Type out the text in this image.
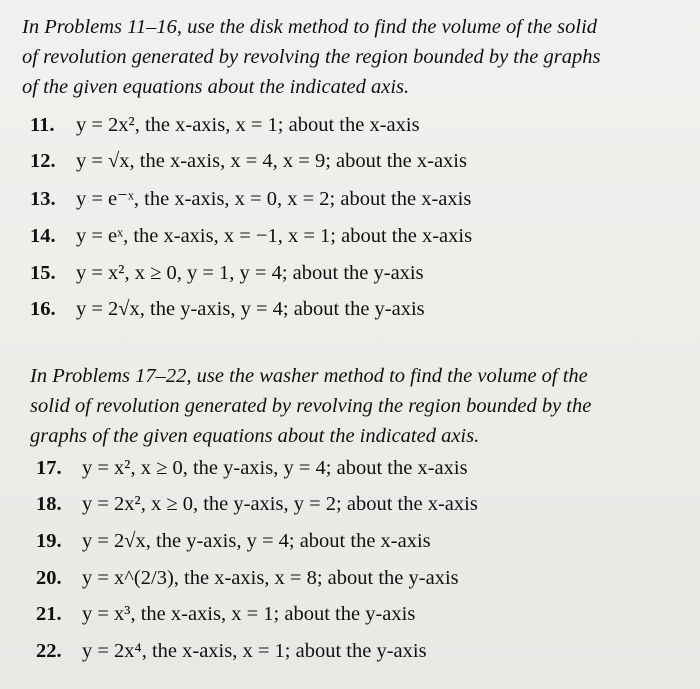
In Problems 11–16, use the disk method to find the volume of the solid
of revolution generated by revolving the region bounded by the graphs
of the given equations about the indicated axis.

11. y = 2x², the x-axis, x = 1; about the x-axis
12. y = √x, the x-axis, x = 4, x = 9; about the x-axis
13. y = e⁻ˣ, the x-axis, x = 0, x = 2; about the x-axis
14. y = eˣ, the x-axis, x = −1, x = 1; about the x-axis
15. y = x², x ≥ 0, y = 1, y = 4; about the y-axis
16. y = 2√x, the y-axis, y = 4; about the y-axis

In Problems 17–22, use the washer method to find the volume of the
solid of revolution generated by revolving the region bounded by the
graphs of the given equations about the indicated axis.

17. y = x², x ≥ 0, the y-axis, y = 4; about the x-axis
18. y = 2x², x ≥ 0, the y-axis, y = 2; about the x-axis
19. y = 2√x, the y-axis, y = 4; about the x-axis
20. y = x^(2/3), the x-axis, x = 8; about the y-axis
21. y = x³, the x-axis, x = 1; about the y-axis
22. y = 2x⁴, the x-axis, x = 1; about the y-axis
